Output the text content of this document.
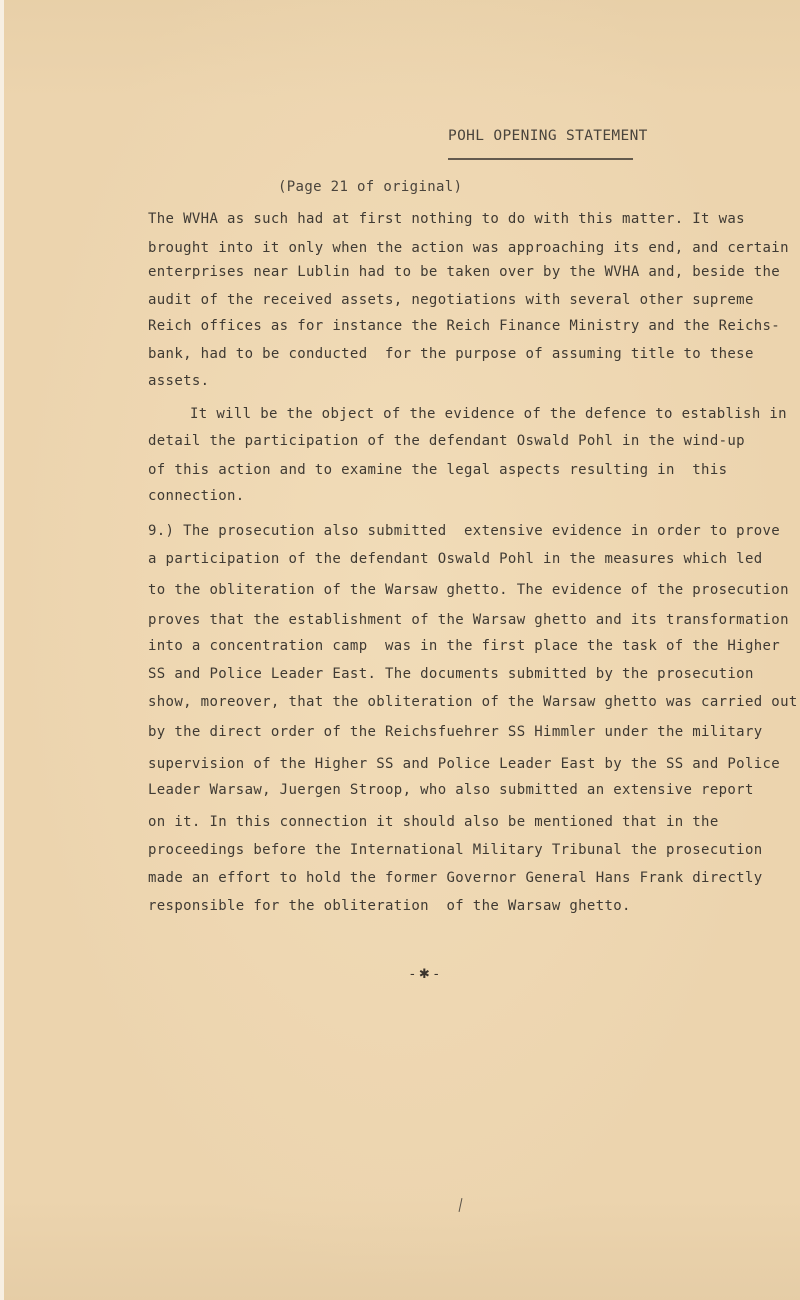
POHL OPENING STATEMENT
(Page 21 of original)
The WVHA as such had at first nothing to do with this matter. It was
brought into it only when the action was approaching its end, and certain
enterprises near Lublin had to be taken over by the WVHA and, beside the
audit of the received assets, negotiations with several other supreme
Reich offices as for instance the Reich Finance Ministry and the Reichs-
bank, had to be conducted  for the purpose of assuming title to these
assets.
It will be the object of the evidence of the defence to establish in
detail the participation of the defendant Oswald Pohl in the wind-up
of this action and to examine the legal aspects resulting in  this
connection.
9.) The prosecution also submitted  extensive evidence in order to prove
a participation of the defendant Oswald Pohl in the measures which led
to the obliteration of the Warsaw ghetto. The evidence of the prosecution
proves that the establishment of the Warsaw ghetto and its transformation
into a concentration camp  was in the first place the task of the Higher
SS and Police Leader East. The documents submitted by the prosecution
show, moreover, that the obliteration of the Warsaw ghetto was carried out
by the direct order of the Reichsfuehrer SS Himmler under the military
supervision of the Higher SS and Police Leader East by the SS and Police
Leader Warsaw, Juergen Stroop, who also submitted an extensive report
on it. In this connection it should also be mentioned that in the
proceedings before the International Military Tribunal the prosecution
made an effort to hold the former Governor General Hans Frank directly
responsible for the obliteration  of the Warsaw ghetto.
- ✱ -
